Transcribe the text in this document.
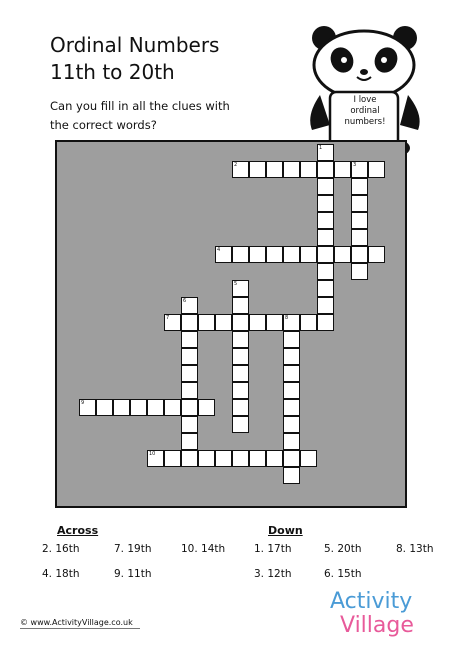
Ordinal Numbers
11th to 20th
Can you fill in all the clues with
the correct words?
I love
ordinal
numbers!
1
2	3
4
5
6
7	8
9
10
Across	Down
2. 16th	7. 19th	10. 14th
4. 18th	9. 11th
1. 17th	5. 20th	8. 13th
3. 12th	6. 15th
© www.ActivityVillage.co.uk
Activity
Village
